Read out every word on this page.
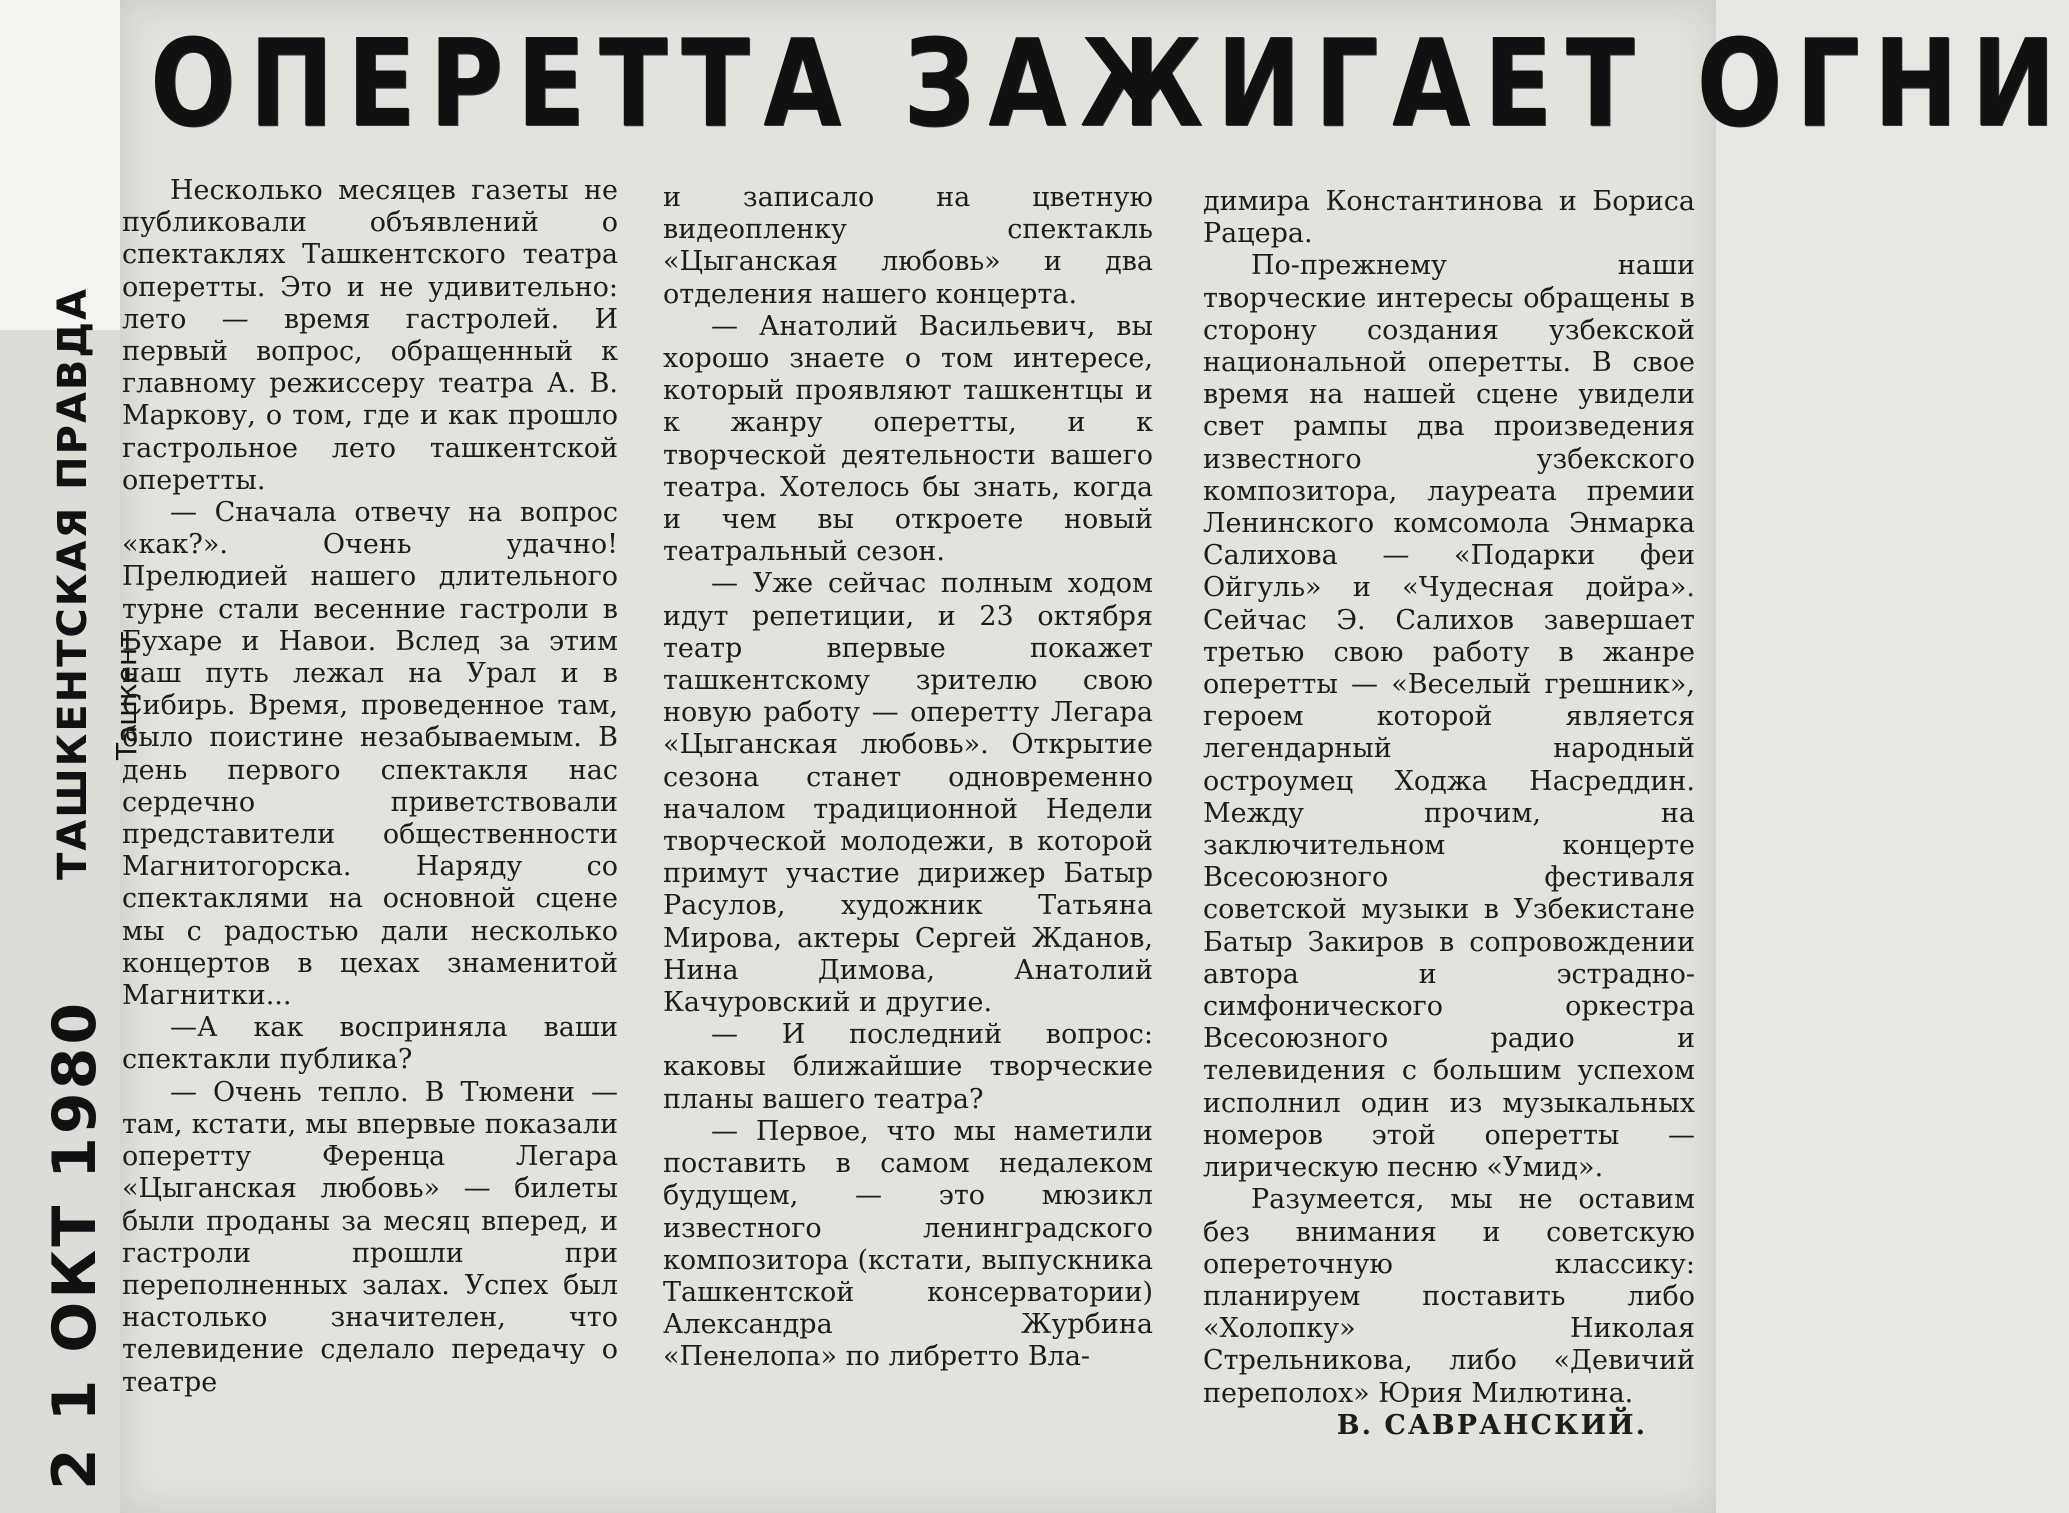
ОПЕРЕТТА ЗАЖИГАЕТ ОГНИ
ТАШКЕНТСКАЯ ПРАВДА Ташкент
2 1 ОКТ 1980

Несколько месяцев газеты не публиковали объявлений о спектаклях Ташкентского театра оперетты. Это и не удивительно: лето — время гастролей. И первый вопрос, обращенный к главному режиссеру театра А. В. Маркову, о том, где и как прошло гастрольное лето ташкентской оперетты.

— Сначала отвечу на вопрос «как?». Очень удачно! Прелюдией нашего длительного турне стали весенние гастроли в Бухаре и Навои. Вслед за этим наш путь лежал на Урал и в Сибирь. Время, проведенное там, было поистине незабываемым. В день первого спектакля нас сердечно приветствовали представители общественности Магнитогорска. Наряду со спектаклями на основной сцене мы с радостью дали несколько концертов в цехах знаменитой Магнитки...

—А как восприняла ваши спектакли публика?

— Очень тепло. В Тюмени — там, кстати, мы впервые показали оперетту Ференца Легара «Цыганская любовь» — билеты были проданы за месяц вперед, и гастроли прошли при переполненных залах. Успех был настолько значителен, что телевидение сделало передачу о театре

и записало на цветную видеопленку спектакль «Цыганская любовь» и два отделения нашего концерта.

— Анатолий Васильевич, вы хорошо знаете о том интересе, который проявляют ташкентцы и к жанру оперетты, и к творческой деятельности вашего театра. Хотелось бы знать, когда и чем вы откроете новый театральный сезон.

— Уже сейчас полным ходом идут репетиции, и 23 октября театр впервые покажет ташкентскому зрителю свою новую работу — оперетту Легара «Цыганская любовь». Открытие сезона станет одновременно началом традиционной Недели творческой молодежи, в которой примут участие дирижер Батыр Расулов, художник Татьяна Мирова, актеры Сергей Жданов, Нина Димова, Анатолий Качуровский и другие.

— И последний вопрос: каковы ближайшие творческие планы вашего театра?

— Первое, что мы наметили поставить в самом недалеком будущем, — это мюзикл известного ленинградского композитора (кстати, выпускника Ташкентской консерватории) Александра Журбина «Пенелопа» по либретто Вла-

димира Константинова и Бориса Рацера.

По-прежнему наши творческие интересы обращены в сторону создания узбекской национальной оперетты. В свое время на нашей сцене увидели свет рампы два произведения известного узбекского композитора, лауреата премии Ленинского комсомола Энмарка Салихова — «Подарки феи Ойгуль» и «Чудесная дойра». Сейчас Э. Салихов завершает третью свою работу в жанре оперетты — «Веселый грешник», героем которой является легендарный народный остроумец Ходжа Насреддин. Между прочим, на заключительном концерте Всесоюзного фестиваля советской музыки в Узбекистане Батыр Закиров в сопровождении автора и эстрадно-симфонического оркестра Всесоюзного радио и телевидения с большим успехом исполнил один из музыкальных номеров этой оперетты — лирическую песню «Умид».

Разумеется, мы не оставим без внимания и советскую опереточную классику: планируем поставить либо «Холопку» Николая Стрельникова, либо «Девичий переполох» Юрия Милютина.

В. САВРАНСКИЙ.
